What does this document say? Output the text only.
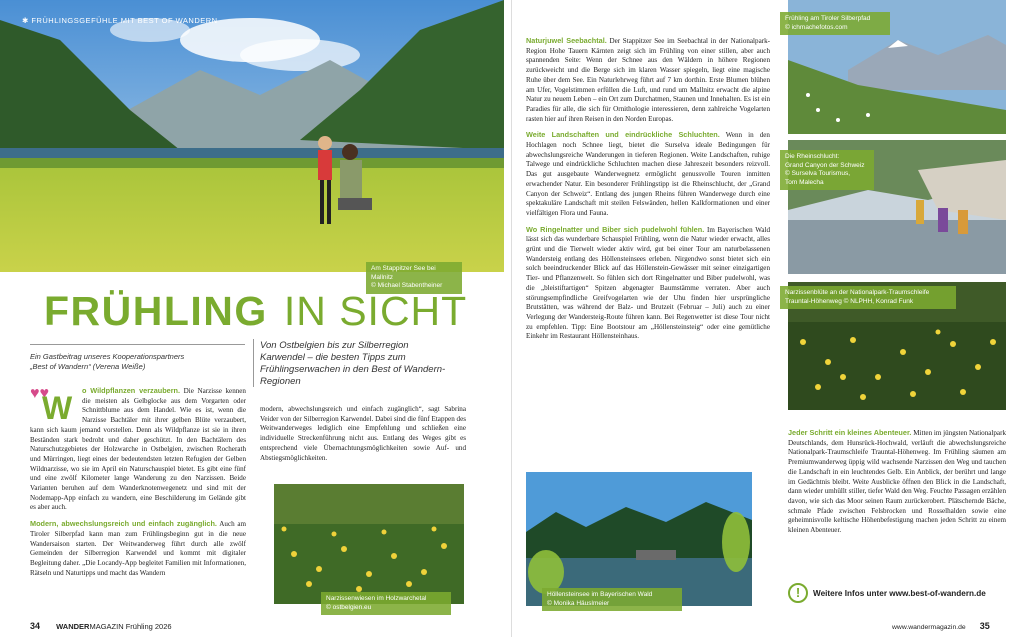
✱ FRÜHLINGSGEFÜHLE MIT BEST OF WANDERN
Am Stappitzer See bei Mallnitz
© Michael Stabentheiner
FRÜHLING IN SICHT
Von Ostbelgien bis zur Silberregion Karwendel – die besten Tipps zum Frühlingserwachen in den Best of Wandern-Regionen
Ein Gastbeitrag unseres Kooperationspartners
„Best of Wandern“ (Verena Weiße)
♥♥
W	o Wildpflanzen verzaubern. Die Narzisse kennen die meisten als Gelbglocke aus dem Vorgarten oder Schnittblume aus dem Handel. Wie es ist, wenn die Narzisse Bachtäler mit ihrer gelben Blüte verzaubert, kann sich kaum jemand vorstellen. Denn als Wildpflanze ist sie in ihren Beständen stark bedroht und daher geschützt. In den Bachtälern des Naturschutzgebietes der Holzwarche in Ostbelgien, zwischen Rocherath und Mürringen, liegt eines der bedeutendsten letzten Refugien der Gelben Wildnarzisse, wo sie im April ein Naturschauspiel bietet. Es gibt eine fünf und eine zwölf Kilometer lange Wanderung zu den Narzissen. Beide Varianten beruhen auf dem Wanderknotenwegenetz und sind mit der Nodemapp-App einfach zu wandern, eine Beschilderung im Gelände gibt es aber auch.

Modern, abwechslungsreich und einfach zugänglich. Auch am Tiroler Silberpfad kann man zum Frühlingsbeginn gut in die neue Wandersaison starten. Der Weitwanderweg führt durch alle zwölf Gemeinden der Silberregion Karwendel und kommt mit digitaler Begleitung daher. „Die Locandy-App begleitet Familien mit Informationen, Rätseln und Naturtipps und macht das Wandern

modern, abwechslungsreich und einfach zugänglich“, sagt Sabrina Veider von der Silberregion Karwendel. Dabei sind die fünf Etappen des Weitwanderweges lediglich eine Empfehlung und schließen eine individuelle Streckenführung nicht aus. Entlang des Weges gibt es entsprechend viele Übernachtungsmöglichkeiten sowie Auf- und Abstiegsmöglichkeiten.

Narzissenwiesen im Holzwarchetal
© ostbelgien.eu
34 WANDERMAGAZIN Frühling 2026

Naturjuwel Seebachtal. Der Stappitzer See im Seebachtal in der Nationalpark-Region Hohe Tauern Kärnten zeigt sich im Frühling von einer stillen, aber auch spannenden Seite: Wenn der Schnee aus den Wäldern in höhere Regionen zurückweicht und die Berge sich im klaren Wasser spiegeln, liegt eine magische Ruhe über dem See. Ein Naturlehrweg führt auf 7 km dorthin. Erste Blumen blühen am Ufer, Vogelstimmen erfüllen die Luft, und rund um Mallnitz erwacht die alpine Natur zu neuem Leben – ein Ort zum Durchatmen, Staunen und Innehalten. Es ist ein Paradies für alle, die sich für Ornithologie interessieren, denn zahlreiche Vogelarten rasten hier auf ihren Reisen in den Norden Europas.

Weite Landschaften und eindrückliche Schluchten. Wenn in den Hochlagen noch Schnee liegt, bietet die Surselva ideale Bedingungen für abwechslungsreiche Wanderungen in tieferen Regionen. Weite Landschaften, ruhige Talwege und eindrückliche Schluchten machen diese Jahreszeit besonders reizvoll. Das gut ausgebaute Wanderwegnetz ermöglicht genussvolle Touren inmitten erwachender Natur. Ein besonderer Frühlingstipp ist die Rheinschlucht, der „Grand Canyon der Schweiz“. Entlang des jungen Rheins führen Wanderwege durch eine spektakuläre Landschaft mit steilen Felswänden, hellen Kalkformationen und einer vielfältigen Flora und Fauna.

Wo Ringelnatter und Biber sich pudelwohl fühlen. Im Bayerischen Wald lässt sich das wunderbare Schauspiel Frühling, wenn die Natur wieder erwacht, alles grünt und die Tierwelt wieder aktiv wird, gut bei einer Tour am naturbelassenen Wandersteig entlang des Höllensteinsees erleben. Nirgendwo sonst bietet sich ein solch beeindruckender Blick auf das Höllenstein-Gewässer mit seiner einzigartigen Tier- und Pflanzenwelt. So fühlen sich dort Ringelnatter und Biber pudelwohl, was die „bleistiftartigen“ Spitzen abgenagter Baumstämme verraten. Aber auch störungsempfindliche Greifvogelarten wie der Uhu finden hier ursprüngliche Brutstätten, was während der Balz- und Brutzeit (Februar – Juli) auch zu einer Verlegung der Wandersteig-Route führen kann. Bei Regenwetter ist diese Tour nicht zu empfehlen. Tipp: Eine Bootstour am „Höllensteinsteig“ oder eine gemütliche Einkehr im Restaurant Höllensteinhaus.

Höllensteinsee im Bayerischen Wald
© Monika Häuslmeier
Frühling am Tiroler Silberpfad
© ichmachefotos.com
Die Rheinschlucht:
Grand Canyon der Schweiz
© Surselva Tourismus,
Tom Malecha
Narzissenblüte an der Nationalpark-Traumschleife
Trauntal-Höhenweg © NLPHH, Konrad Funk

Jeder Schritt ein kleines Abenteuer. Mitten im jüngsten Nationalpark Deutschlands, dem Hunsrück-Hochwald, verläuft die abwechslungsreiche Nationalpark-Traumschleife Trauntal-Höhenweg. Im Frühling säumen am Premiumwanderweg üppig wild wachsende Narzissen den Weg und tauchen die Landschaft in ein leuchtendes Gelb. Ein Anblick, der berührt und lange im Gedächtnis bleibt. Weite Ausblicke öffnen den Blick in die Landschaft, dann wieder umhüllt stiller, tiefer Wald den Weg. Feuchte Passagen erzählen davon, wie sich das Moor seinen Raum zurückerobert. Plätschernde Bäche, schmale Pfade zwischen Felsbrocken und Rosselhalden sowie eine geheimnisvolle keltische Höhenbefestigung machen jeden Schritt zu einem kleinen Abenteuer.

!	Weitere Infos unter www.best-of-wandern.de
www.wandermagazin.de 35
